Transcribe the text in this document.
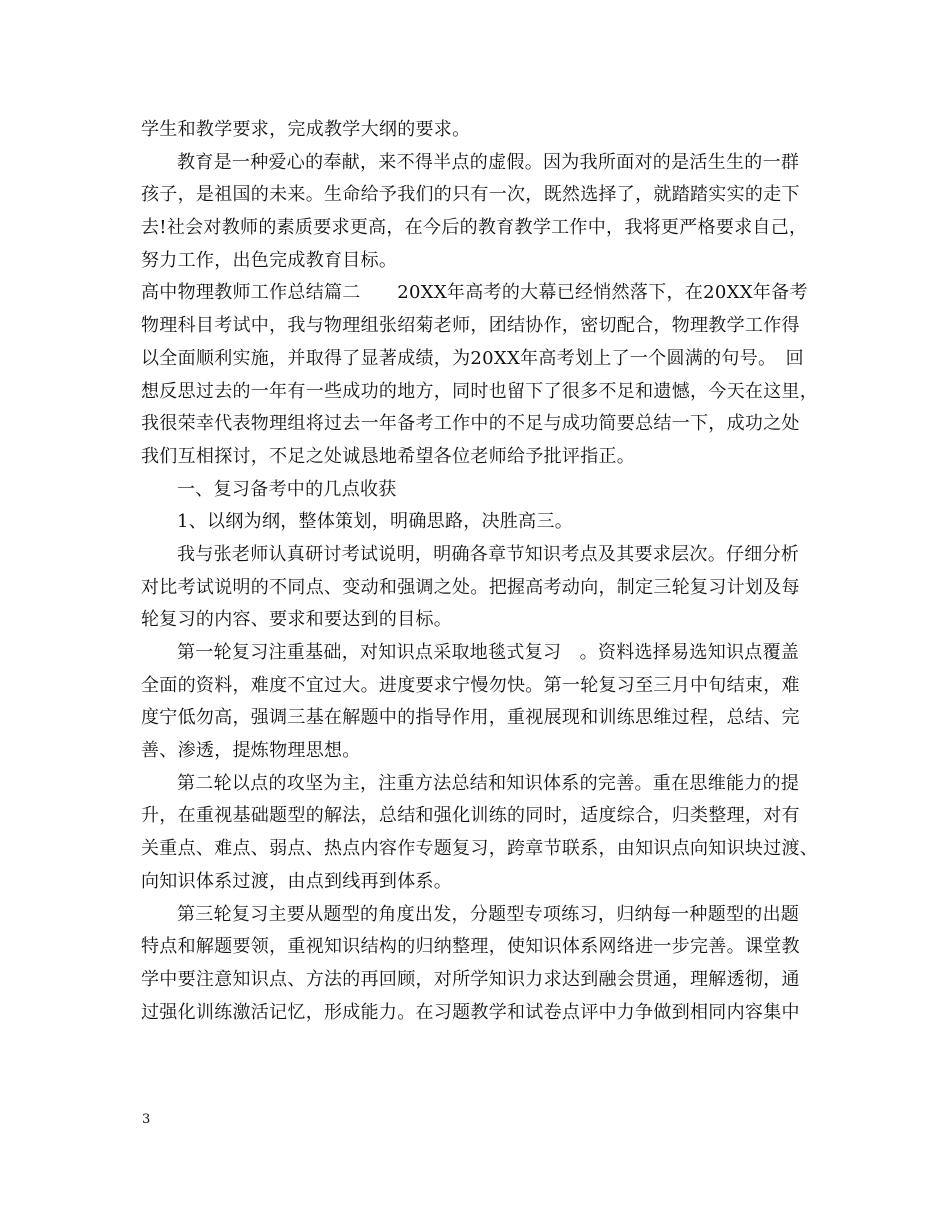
学生和教学要求，完成教学大纲的要求。
教育是一种爱心的奉献，来不得半点的虚假。因为我所面对的是活生生的一群
孩子，是祖国的未来。生命给予我们的只有一次，既然选择了，就踏踏实实的走下
去!社会对教师的素质要求更高，在今后的教育教学工作中，我将更严格要求自己，
努力工作，出色完成教育目标。
高中物理教师工作总结篇二　　20XX年高考的大幕已经悄然落下，在20XX年备考
物理科目考试中，我与物理组张绍菊老师，团结协作，密切配合，物理教学工作得
以全面顺利实施，并取得了显著成绩，为20XX年高考划上了一个圆满的句号。　回
想反思过去的一年有一些成功的地方，同时也留下了很多不足和遗憾，今天在这里，
我很荣幸代表物理组将过去一年备考工作中的不足与成功简要总结一下，成功之处
我们互相探讨，不足之处诚恳地希望各位老师给予批评指正。
一、复习备考中的几点收获
1、以纲为纲，整体策划，明确思路，决胜高三。
我与张老师认真研讨考试说明，明确各章节知识考点及其要求层次。仔细分析
对比考试说明的不同点、变动和强调之处。把握高考动向，制定三轮复习计划及每
轮复习的内容、要求和要达到的目标。
第一轮复习注重基础，对知识点采取地毯式复习　。资料选择易选知识点覆盖
全面的资料，难度不宜过大。进度要求宁慢勿快。第一轮复习至三月中旬结束，难
度宁低勿高，强调三基在解题中的指导作用，重视展现和训练思维过程，总结、完
善、渗透，提炼物理思想。
第二轮以点的攻坚为主，注重方法总结和知识体系的完善。重在思维能力的提
升，在重视基础题型的解法，总结和强化训练的同时，适度综合，归类整理，对有
关重点、难点、弱点、热点内容作专题复习，跨章节联系，由知识点向知识块过渡、
向知识体系过渡，由点到线再到体系。
第三轮复习主要从题型的角度出发，分题型专项练习，归纳每一种题型的出题
特点和解题要领，重视知识结构的归纳整理，使知识体系网络进一步完善。课堂教
学中要注意知识点、方法的再回顾，对所学知识力求达到融会贯通，理解透彻，通
过强化训练激活记忆，形成能力。在习题教学和试卷点评中力争做到相同内容集中
3
